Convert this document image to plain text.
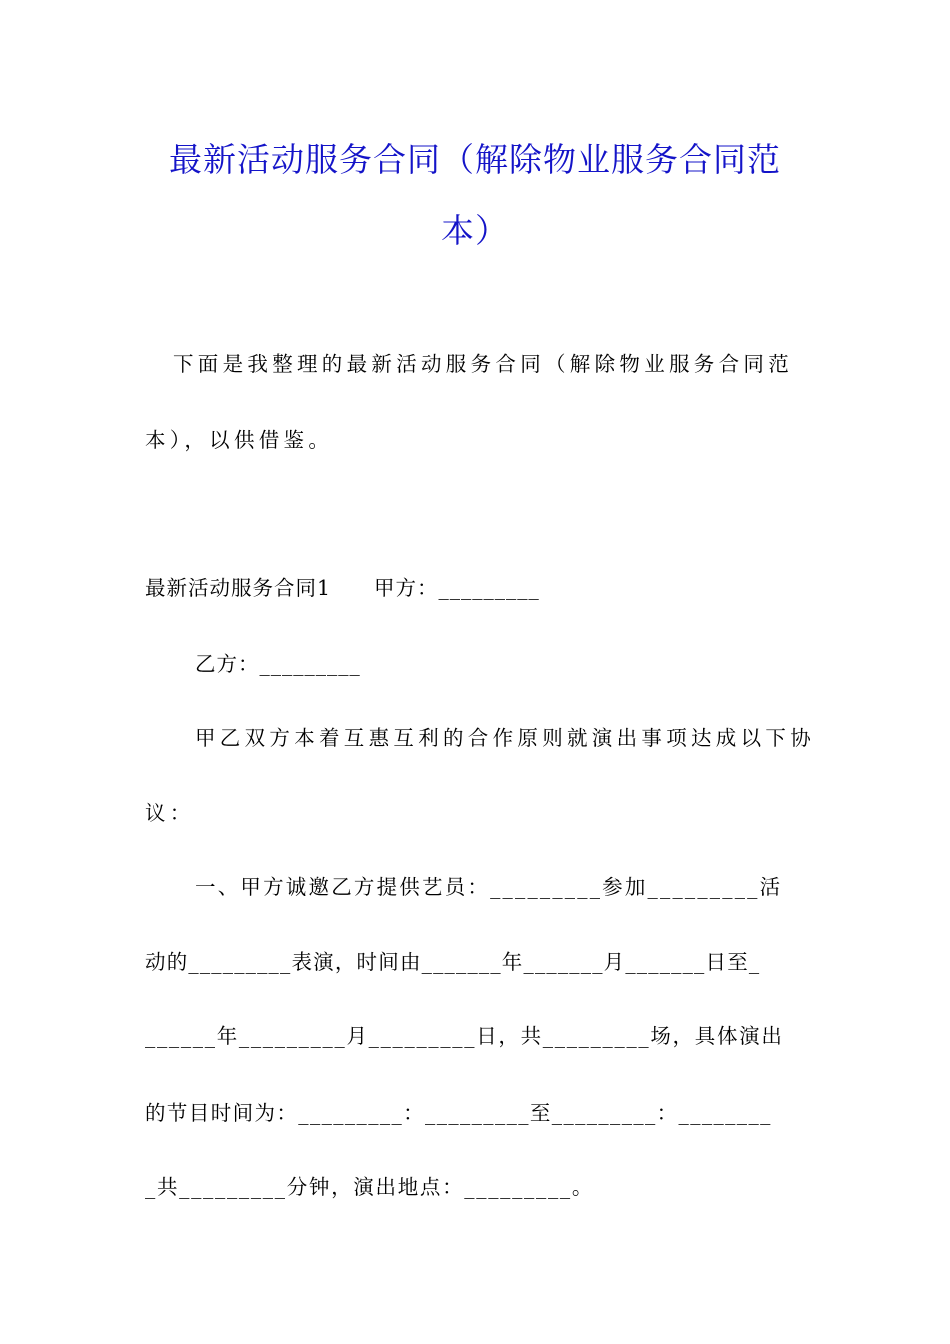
最新活动服务合同（解除物业服务合同范
本）
下面是我整理的最新活动服务合同（解除物业服务合同范
本），以供借鉴。
最新活动服务合同1　　甲方：_________
乙方：_________
甲乙双方本着互惠互利的合作原则就演出事项达成以下协
议：
一、甲方诚邀乙方提供艺员：_________参加_________活
动的_________表演，时间由_______年_______月_______日至_
______年_________月_________日，共_________场，具体演出
的节目时间为：_________：_________至_________：________
_共_________分钟，演出地点：_________。
